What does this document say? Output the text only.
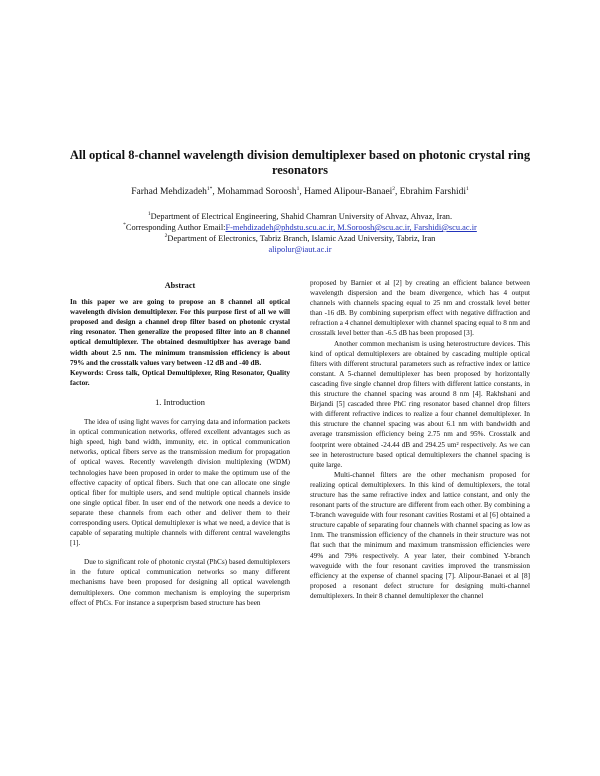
All optical 8-channel wavelength division demultiplexer based on photonic crystal ring resonators
Farhad Mehdizadeh$^{1*}$, Mohammad Soroosh$^1$, Hamed Alipour-Banaei$^2$, Ebrahim Farshidi$^1$
$^1$Department of Electrical Engineering, Shahid Chamran University of Ahvaz, Ahvaz, Iran.
*Corresponding Author Email:F-mehdizadeh@phdstu.scu.ac.ir, M.Soroosh@scu.ac.ir, Farshidi@scu.ac.ir
$^2$Department of Electronics, Tabriz Branch, Islamic Azad University, Tabriz, Iran
alipolur@iaut.ac.ir
Abstract

In this paper we are going to propose an 8 channel all optical wavelength division demultiplexer. For this purpose first of all we will proposed and design a channel drop filter based on photonic crystal ring resonator. Then generalize the proposed filter into an 8 channel optical demultiplexer. The obtained desmultiplxer has average band width about 2.5 nm. The minimum transmission efficiency is about 79% and the crosstalk values vary between -12 dB and -40 dB.

Keywords: Cross talk, Optical Demultiplexer, Ring Resonator, Quality factor.

1. Introduction

The idea of using light waves for carrying data and information packets in optical communication networks, offered excellent advantages such as high speed, high band width, immunity, etc. in optical communication networks, optical fibers serve as the transmission medium for propagation of optical waves. Recently wavelength division multiplexing (WDM) technologies have been proposed in order to make the optimum use of the effective capacity of optical fibers. Such that one can allocate one single optical fiber for multiple users, and send multiple optical channels inside one single optical fiber. In user end of the network one needs a device to separate these channels from each other and deliver them to their corresponding users. Optical demultiplexer is what we need, a device that is capable of separating multiple channels with different central wavelengths [1].

Due to significant role of photonic crystal (PhCs) based demultiplexers in the future optical communication networks so many different mechanisms have been proposed for designing all optical wavelength demultiplexers. One common mechanism is employing the superprism effect of PhCs. For instance a superprism based structure has been

proposed by Barnier et al [2] by creating an efficient balance between wavelength dispersion and the beam divergence, which has 4 output channels with channels spacing equal to 25 nm and crosstalk level better than -16 dB. By combining superprism effect with negative diffraction and refraction a 4 channel demultiplexer with channel spacing equal to 8 nm and crosstalk level better than -6.5 dB has been proposed [3].

Another common mechanism is using heterostructure devices. This kind of optical demultiplexers are obtained by cascading multiple optical filters with different structural parameters such as refractive index or lattice constant. A 5-channel demultiplexer has been proposed by horizontally cascading five single channel drop filters with different lattice constants, in this structure the channel spacing was around 8 nm [4]. Rakhshani and Birjandi [5] cascaded three PhC ring resonator based channel drop filters with different refractive indices to realize a four channel demultiplexer. In this structure the channel spacing was about 6.1 nm with bandwidth and average transmission efficiency being 2.75 nm and 95%. Crosstalk and footprint were obtained -24.44 dB and 294.25 um² respectively. As we can see in heterostructure based optical demultiplexers the channel spacing is quite large.

Multi-channel filters are the other mechanism proposed for realizing optical demultiplexers. In this kind of demultiplexers, the total structure has the same refractive index and lattice constant, and only the resonant parts of the structure are different from each other. By combining a T-branch waveguide with four resonant cavities Rostami et al [6] obtained a structure capable of separating four channels with channel spacing as low as 1nm. The transmission efficiency of the channels in their structure was not flat such that the minimum and maximum transmission efficiencies were 49% and 79% respectively. A year later, their combined Y-branch waveguide with the four resonant cavities improved the transmission efficiency at the expense of channel spacing [7]. Alipour-Banaei et al [8] proposed a resonant defect structure for designing multi-channel demultiplexers. In their 8 channel demultiplexer the channel
